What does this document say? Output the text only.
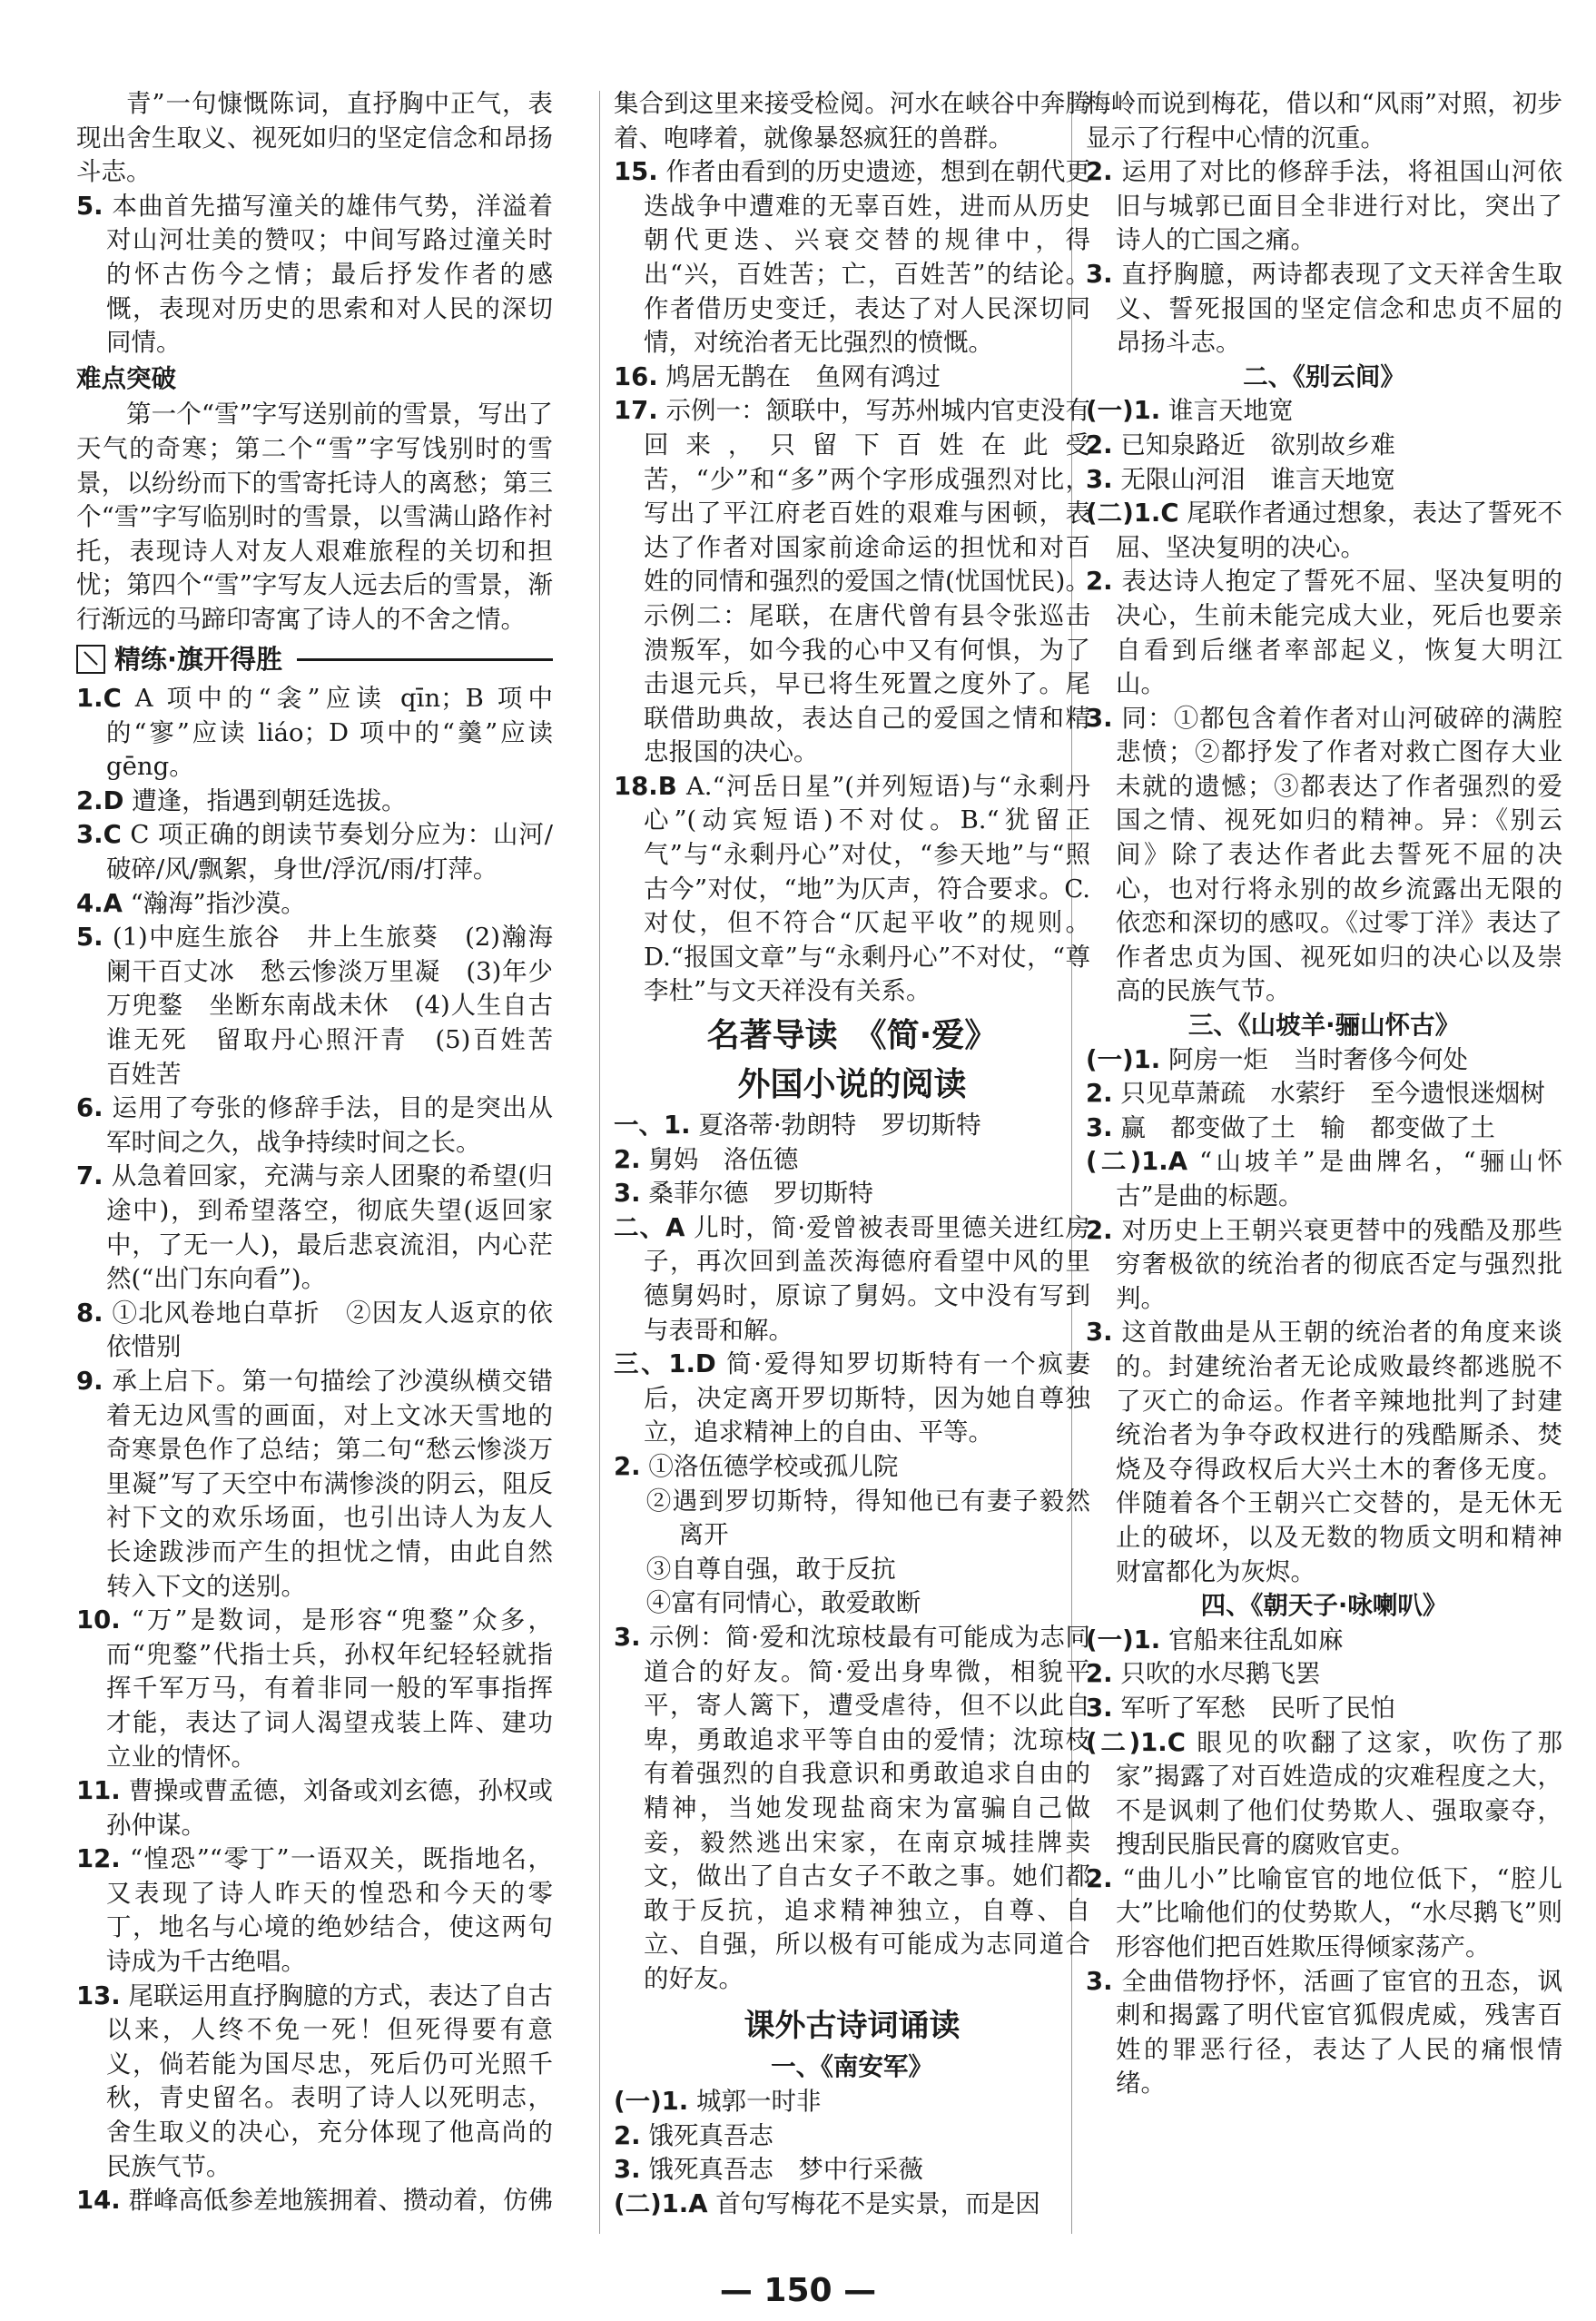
青”一句慷慨陈词，直抒胸中正气，表现出舍生取义、视死如归的坚定信念和昂扬斗志。

5. 本曲首先描写潼关的雄伟气势，洋溢着对山河壮美的赞叹；中间写路过潼关时的怀古伤今之情；最后抒发作者的感慨，表现对历史的思索和对人民的深切同情。

难点突破

第一个“雪”字写送别前的雪景，写出了天气的奇寒；第二个“雪”字写饯别时的雪景，以纷纷而下的雪寄托诗人的离愁；第三个“雪”字写临别时的雪景，以雪满山路作衬托，表现诗人对友人艰难旅程的关切和担忧；第四个“雪”字写友人远去后的雪景，渐行渐远的马蹄印寄寓了诗人的不舍之情。

精练·旗开得胜

1.C A 项中的“衾”应读 qīn；B 项中的“寥”应读 liáo；D 项中的“羹”应读 gēng。

2.D 遭逢，指遇到朝廷选拔。

3.C C 项正确的朗读节奏划分应为：山河/破碎/风/飘絮，身世/浮沉/雨/打萍。

4.A “瀚海”指沙漠。

5. (1)中庭生旅谷　井上生旅葵　(2)瀚海阑干百丈冰　愁云惨淡万里凝　(3)年少万兜鍪　坐断东南战未休　(4)人生自古谁无死　留取丹心照汗青　(5)百姓苦　百姓苦

6. 运用了夸张的修辞手法，目的是突出从军时间之久，战争持续时间之长。

7. 从急着回家，充满与亲人团聚的希望(归途中)，到希望落空，彻底失望(返回家中，了无一人)，最后悲哀流泪，内心茫然(“出门东向看”)。

8. ①北风卷地白草折　②因友人返京的依依惜别

9. 承上启下。第一句描绘了沙漠纵横交错着无边风雪的画面，对上文冰天雪地的奇寒景色作了总结；第二句“愁云惨淡万里凝”写了天空中布满惨淡的阴云，阻反衬下文的欢乐场面，也引出诗人为友人长途跋涉而产生的担忧之情，由此自然转入下文的送别。

10. “万”是数词，是形容“兜鍪”众多，而“兜鍪”代指士兵，孙权年纪轻轻就指挥千军万马，有着非同一般的军事指挥才能，表达了词人渴望戎装上阵、建功立业的情怀。

11. 曹操或曹孟德，刘备或刘玄德，孙权或孙仲谋。

12. “惶恐”“零丁”一语双关，既指地名，又表现了诗人昨天的惶恐和今天的零丁，地名与心境的绝妙结合，使这两句诗成为千古绝唱。

13. 尾联运用直抒胸臆的方式，表达了自古以来，人终不免一死！但死得要有意义，倘若能为国尽忠，死后仍可光照千秋，青史留名。表明了诗人以死明志，舍生取义的决心，充分体现了他高尚的民族气节。

14. 群峰高低参差地簇拥着、攒动着，仿佛

集合到这里来接受检阅。河水在峡谷中奔腾着、咆哮着，就像暴怒疯狂的兽群。

15. 作者由看到的历史遗迹，想到在朝代更迭战争中遭难的无辜百姓，进而从历史朝代更迭、兴衰交替的规律中，得出“兴，百姓苦；亡，百姓苦”的结论。作者借历史变迁，表达了对人民深切同情，对统治者无比强烈的愤慨。

16. 鸠居无鹊在　鱼网有鸿过

17. 示例一：颔联中，写苏州城内官吏没有回来，只留下百姓在此受苦，“少”和“多”两个字形成强烈对比，写出了平江府老百姓的艰难与困顿，表达了作者对国家前途命运的担忧和对百姓的同情和强烈的爱国之情(忧国忧民)。示例二：尾联，在唐代曾有县令张巡击溃叛军，如今我的心中又有何惧，为了击退元兵，早已将生死置之度外了。尾联借助典故，表达自己的爱国之情和精忠报国的决心。

18.B A.“河岳日星”(并列短语)与“永剩丹心”(动宾短语)不对仗。B.“犹留正气”与“永剩丹心”对仗，“参天地”与“照古今”对仗，“地”为仄声，符合要求。C.对仗，但不符合“仄起平收”的规则。D.“报国文章”与“永剩丹心”不对仗，“尊李杜”与文天祥没有关系。

名著导读　《简·爱》
外国小说的阅读

一、1. 夏洛蒂·勃朗特　罗切斯特

2. 舅妈　洛伍德

3. 桑菲尔德　罗切斯特

二、A 儿时，简·爱曾被表哥里德关进红房子，再次回到盖茨海德府看望中风的里德舅妈时，原谅了舅妈。文中没有写到与表哥和解。

三、1.D 简·爱得知罗切斯特有一个疯妻后，决定离开罗切斯特，因为她自尊独立，追求精神上的自由、平等。

2. ①洛伍德学校或孤儿院

②遇到罗切斯特，得知他已有妻子毅然离开

③自尊自强，敢于反抗

④富有同情心，敢爱敢断

3. 示例：简·爱和沈琼枝最有可能成为志同道合的好友。简·爱出身卑微，相貌平平，寄人篱下，遭受虐待，但不以此自卑，勇敢追求平等自由的爱情；沈琼枝有着强烈的自我意识和勇敢追求自由的精神，当她发现盐商宋为富骗自己做妾，毅然逃出宋家，在南京城挂牌卖文，做出了自古女子不敢之事。她们都敢于反抗，追求精神独立，自尊、自立、自强，所以极有可能成为志同道合的好友。

课外古诗词诵读

一、《南安军》

(一)1. 城郭一时非

2. 饿死真吾志

3. 饿死真吾志　梦中行采薇

(二)1.A 首句写梅花不是实景，而是因

梅岭而说到梅花，借以和“风雨”对照，初步显示了行程中心情的沉重。

2. 运用了对比的修辞手法，将祖国山河依旧与城郭已面目全非进行对比，突出了诗人的亡国之痛。

3. 直抒胸臆，两诗都表现了文天祥舍生取义、誓死报国的坚定信念和忠贞不屈的昂扬斗志。

二、《别云间》

(一)1. 谁言天地宽

2. 已知泉路近　欲别故乡难

3. 无限山河泪　谁言天地宽

(二)1.C 尾联作者通过想象，表达了誓死不屈、坚决复明的决心。

2. 表达诗人抱定了誓死不屈、坚决复明的决心，生前未能完成大业，死后也要亲自看到后继者率部起义，恢复大明江山。

3. 同：①都包含着作者对山河破碎的满腔悲愤；②都抒发了作者对救亡图存大业未就的遗憾；③都表达了作者强烈的爱国之情、视死如归的精神。异：《别云间》除了表达作者此去誓死不屈的决心，也对行将永别的故乡流露出无限的依恋和深切的感叹。《过零丁洋》表达了作者忠贞为国、视死如归的决心以及崇高的民族气节。

三、《山坡羊·骊山怀古》

(一)1. 阿房一炬　当时奢侈今何处

2. 只见草萧疏　水萦纡　至今遗恨迷烟树

3. 赢　都变做了土　输　都变做了土

(二)1.A “山坡羊”是曲牌名，“骊山怀古”是曲的标题。

2. 对历史上王朝兴衰更替中的残酷及那些穷奢极欲的统治者的彻底否定与强烈批判。

3. 这首散曲是从王朝的统治者的角度来谈的。封建统治者无论成败最终都逃脱不了灭亡的命运。作者辛辣地批判了封建统治者为争夺政权进行的残酷厮杀、焚烧及夺得政权后大兴土木的奢侈无度。伴随着各个王朝兴亡交替的，是无休无止的破坏，以及无数的物质文明和精神财富都化为灰烬。

四、《朝天子·咏喇叭》

(一)1. 官船来往乱如麻

2. 只吹的水尽鹅飞罢

3. 军听了军愁　民听了民怕

(二)1.C 眼见的吹翻了这家，吹伤了那家”揭露了对百姓造成的灾难程度之大，不是讽刺了他们仗势欺人、强取豪夺，搜刮民脂民膏的腐败官吏。

2. “曲儿小”比喻宦官的地位低下，“腔儿大”比喻他们的仗势欺人，“水尽鹅飞”则形容他们把百姓欺压得倾家荡产。

3. 全曲借物抒怀，活画了宦官的丑态，讽刺和揭露了明代宦官狐假虎威，残害百姓的罪恶行径，表达了人民的痛恨情绪。

— 150 —
